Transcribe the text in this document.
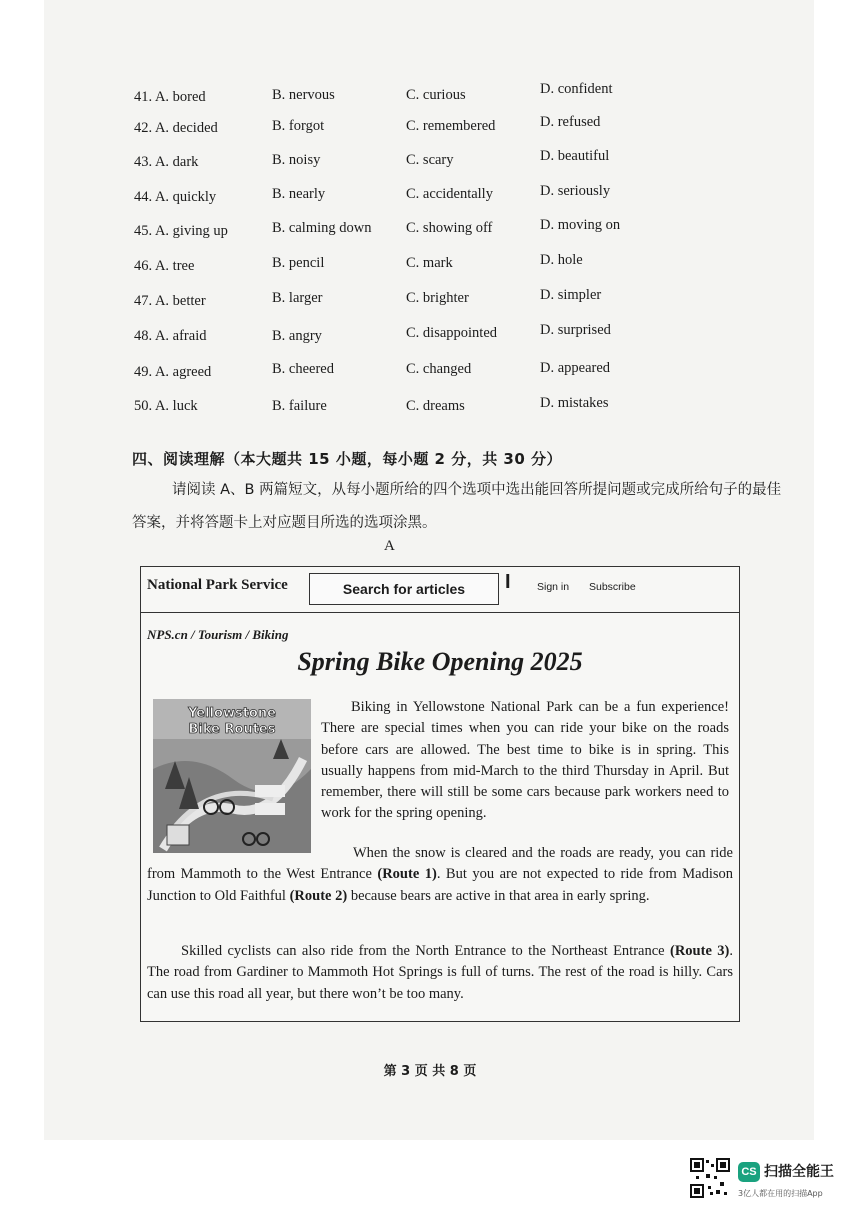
41. A. bored	B. nervous	C. curious	D. confident
42. A. decided	B. forgot	C. remembered	D. refused
43. A. dark	B. noisy	C. scary	D. beautiful
44. A. quickly	B. nearly	C. accidentally	D. seriously
45. A. giving up	B. calming down C. showing off	D. moving on
46. A. tree	B. pencil	C. mark	D. hole
47. A. better	B. larger	C. brighter	D. simpler
48. A. afraid	B. angry	C. disappointed	D. surprised
49. A. agreed	B. cheered	C. changed	D. appeared
50. A. luck	B. failure	C. dreams	D. mistakes
四、阅读理解（本大题共 15 小题，每小题 2 分，共 30 分）
请阅读 A、B 两篇短文，从每小题所给的四个选项中选出能回答所提问题或完成所给句子的最佳答案，并将答题卡上对应题目所选的选项涂黑。
A
National Park Service
Search for articles	I	Sign in Subscribe
NPS.cn / Tourism / Biking
Spring Bike Opening 2025
Yellowstone
Bike Routes
Biking in Yellowstone National Park can be a fun experience! There are special times when you can ride your bike on the roads before cars are allowed. The best time to bike is in spring. This usually happens from mid-March to the third Thursday in April. But remember, there will still be some cars because park workers need to work for the spring opening.
When the snow is cleared and the roads are ready, you can ride from Mammoth to the West Entrance (Route 1). But you are not expected to ride from Madison Junction to Old Faithful (Route 2) because bears are active in that area in early spring.
Skilled cyclists can also ride from the North Entrance to the Northeast Entrance (Route 3). The road from Gardiner to Mammoth Hot Springs is full of turns. The rest of the road is hilly. Cars can use this road all year, but there won’t be too many.
第 3 页 共 8 页
CS 扫描全能王
3亿人都在用的扫描App
